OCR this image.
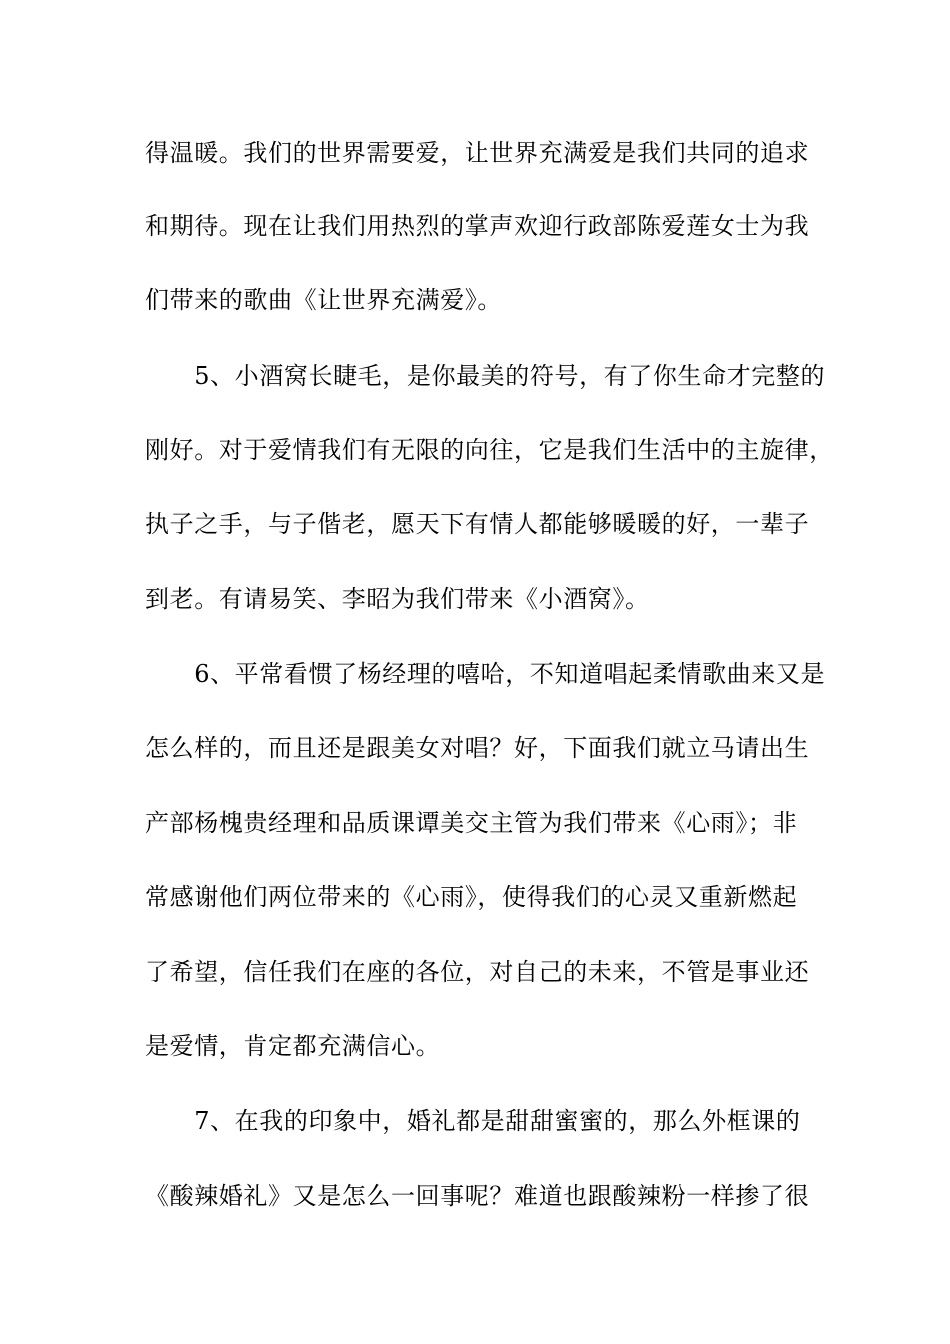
得温暖。我们的世界需要爱，让世界充满爱是我们共同的追求
和期待。现在让我们用热烈的掌声欢迎行政部陈爱莲女士为我
们带来的歌曲《让世界充满爱》。
　　5、小酒窝长睫毛，是你最美的符号，有了你生命才完整的
刚好。对于爱情我们有无限的向往，它是我们生活中的主旋律，
执子之手，与子偕老，愿天下有情人都能够暖暖的好，一辈子
到老。有请易笑、李昭为我们带来《小酒窝》。
　　6、平常看惯了杨经理的嘻哈，不知道唱起柔情歌曲来又是
怎么样的，而且还是跟美女对唱？好，下面我们就立马请出生
产部杨槐贵经理和品质课谭美交主管为我们带来《心雨》；非
常感谢他们两位带来的《心雨》，使得我们的心灵又重新燃起
了希望，信任我们在座的各位，对自己的未来，不管是事业还
是爱情，肯定都充满信心。
　　7、在我的印象中，婚礼都是甜甜蜜蜜的，那么外框课的
《酸辣婚礼》又是怎么一回事呢？难道也跟酸辣粉一样掺了很
